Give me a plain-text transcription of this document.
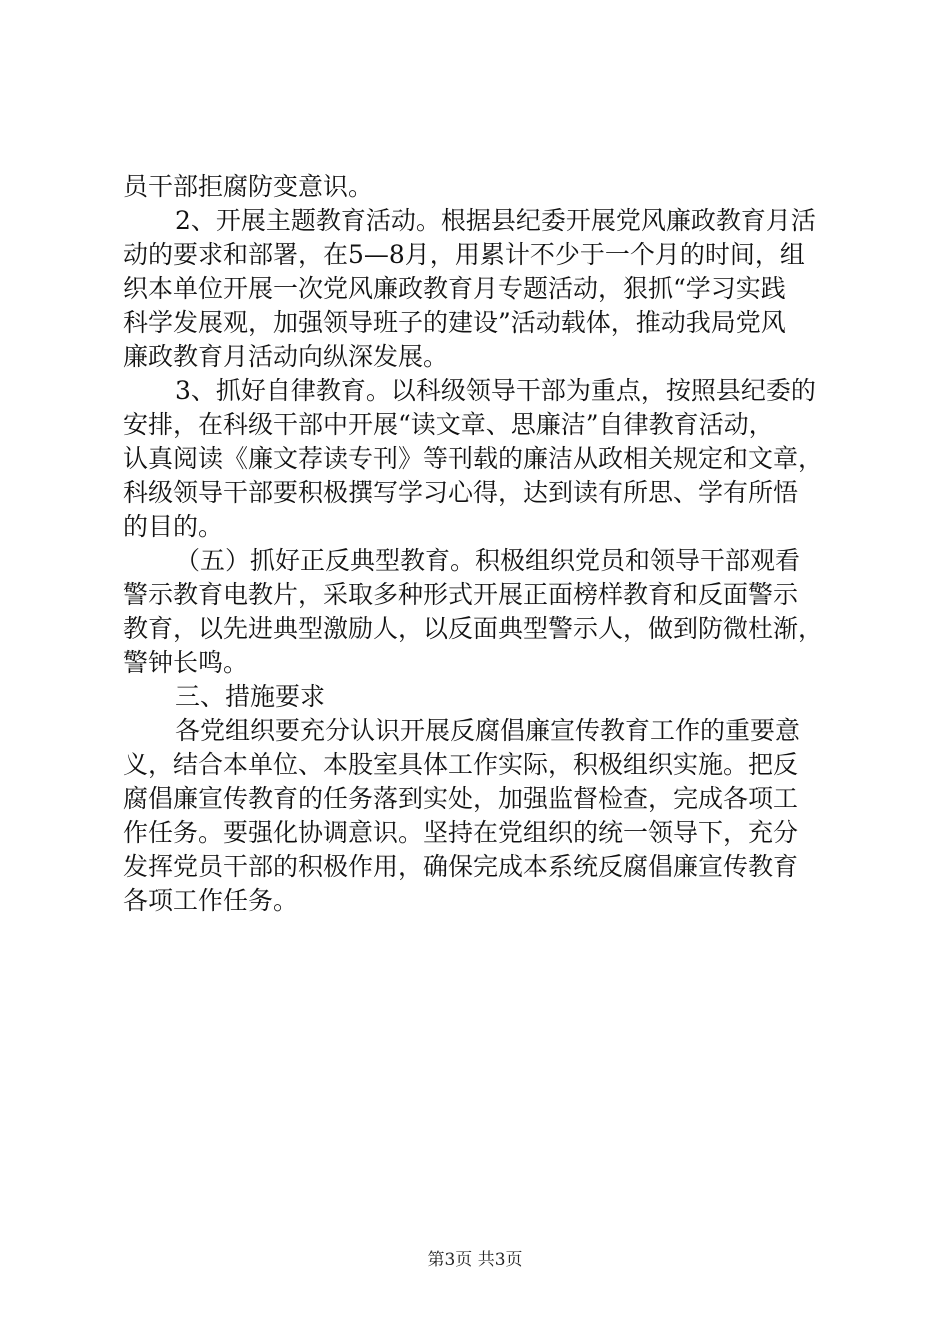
员干部拒腐防变意识。
2、开展主题教育活动。根据县纪委开展党风廉政教育月活
动的要求和部署，在5—8月，用累计不少于一个月的时间，组
织本单位开展一次党风廉政教育月专题活动，狠抓“学习实践
科学发展观，加强领导班子的建设”活动载体，推动我局党风
廉政教育月活动向纵深发展。
3、抓好自律教育。以科级领导干部为重点，按照县纪委的
安排，在科级干部中开展“读文章、思廉洁”自律教育活动，
认真阅读《廉文荐读专刊》等刊载的廉洁从政相关规定和文章，
科级领导干部要积极撰写学习心得，达到读有所思、学有所悟
的目的。
（五）抓好正反典型教育。积极组织党员和领导干部观看
警示教育电教片，采取多种形式开展正面榜样教育和反面警示
教育，以先进典型激励人，以反面典型警示人，做到防微杜渐，
警钟长鸣。
三、措施要求
各党组织要充分认识开展反腐倡廉宣传教育工作的重要意
义，结合本单位、本股室具体工作实际，积极组织实施。把反
腐倡廉宣传教育的任务落到实处，加强监督检查，完成各项工
作任务。要强化协调意识。坚持在党组织的统一领导下，充分
发挥党员干部的积极作用，确保完成本系统反腐倡廉宣传教育
各项工作任务。
第3页 共3页
